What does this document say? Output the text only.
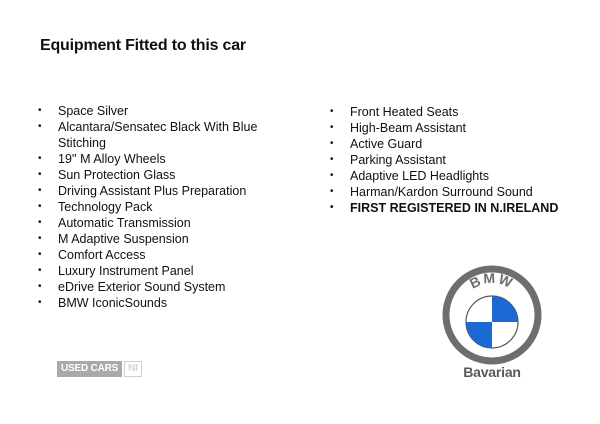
Equipment Fitted to this car
• Space Silver
• Alcantara/Sensatec Black With Blue Stitching
• 19'' M Alloy Wheels
• Sun Protection Glass
• Driving Assistant Plus Preparation
• Technology Pack
• Automatic Transmission
• M Adaptive Suspension
• Comfort Access
• Luxury Instrument Panel
• eDrive Exterior Sound System
• BMW IconicSounds
• Front Heated Seats
• High-Beam Assistant
• Active Guard
• Parking Assistant
• Adaptive LED Headlights
• Harman/Kardon Surround Sound
• FIRST REGISTERED IN N.IRELAND
USED CARS	NI
BMW
Bavarian
